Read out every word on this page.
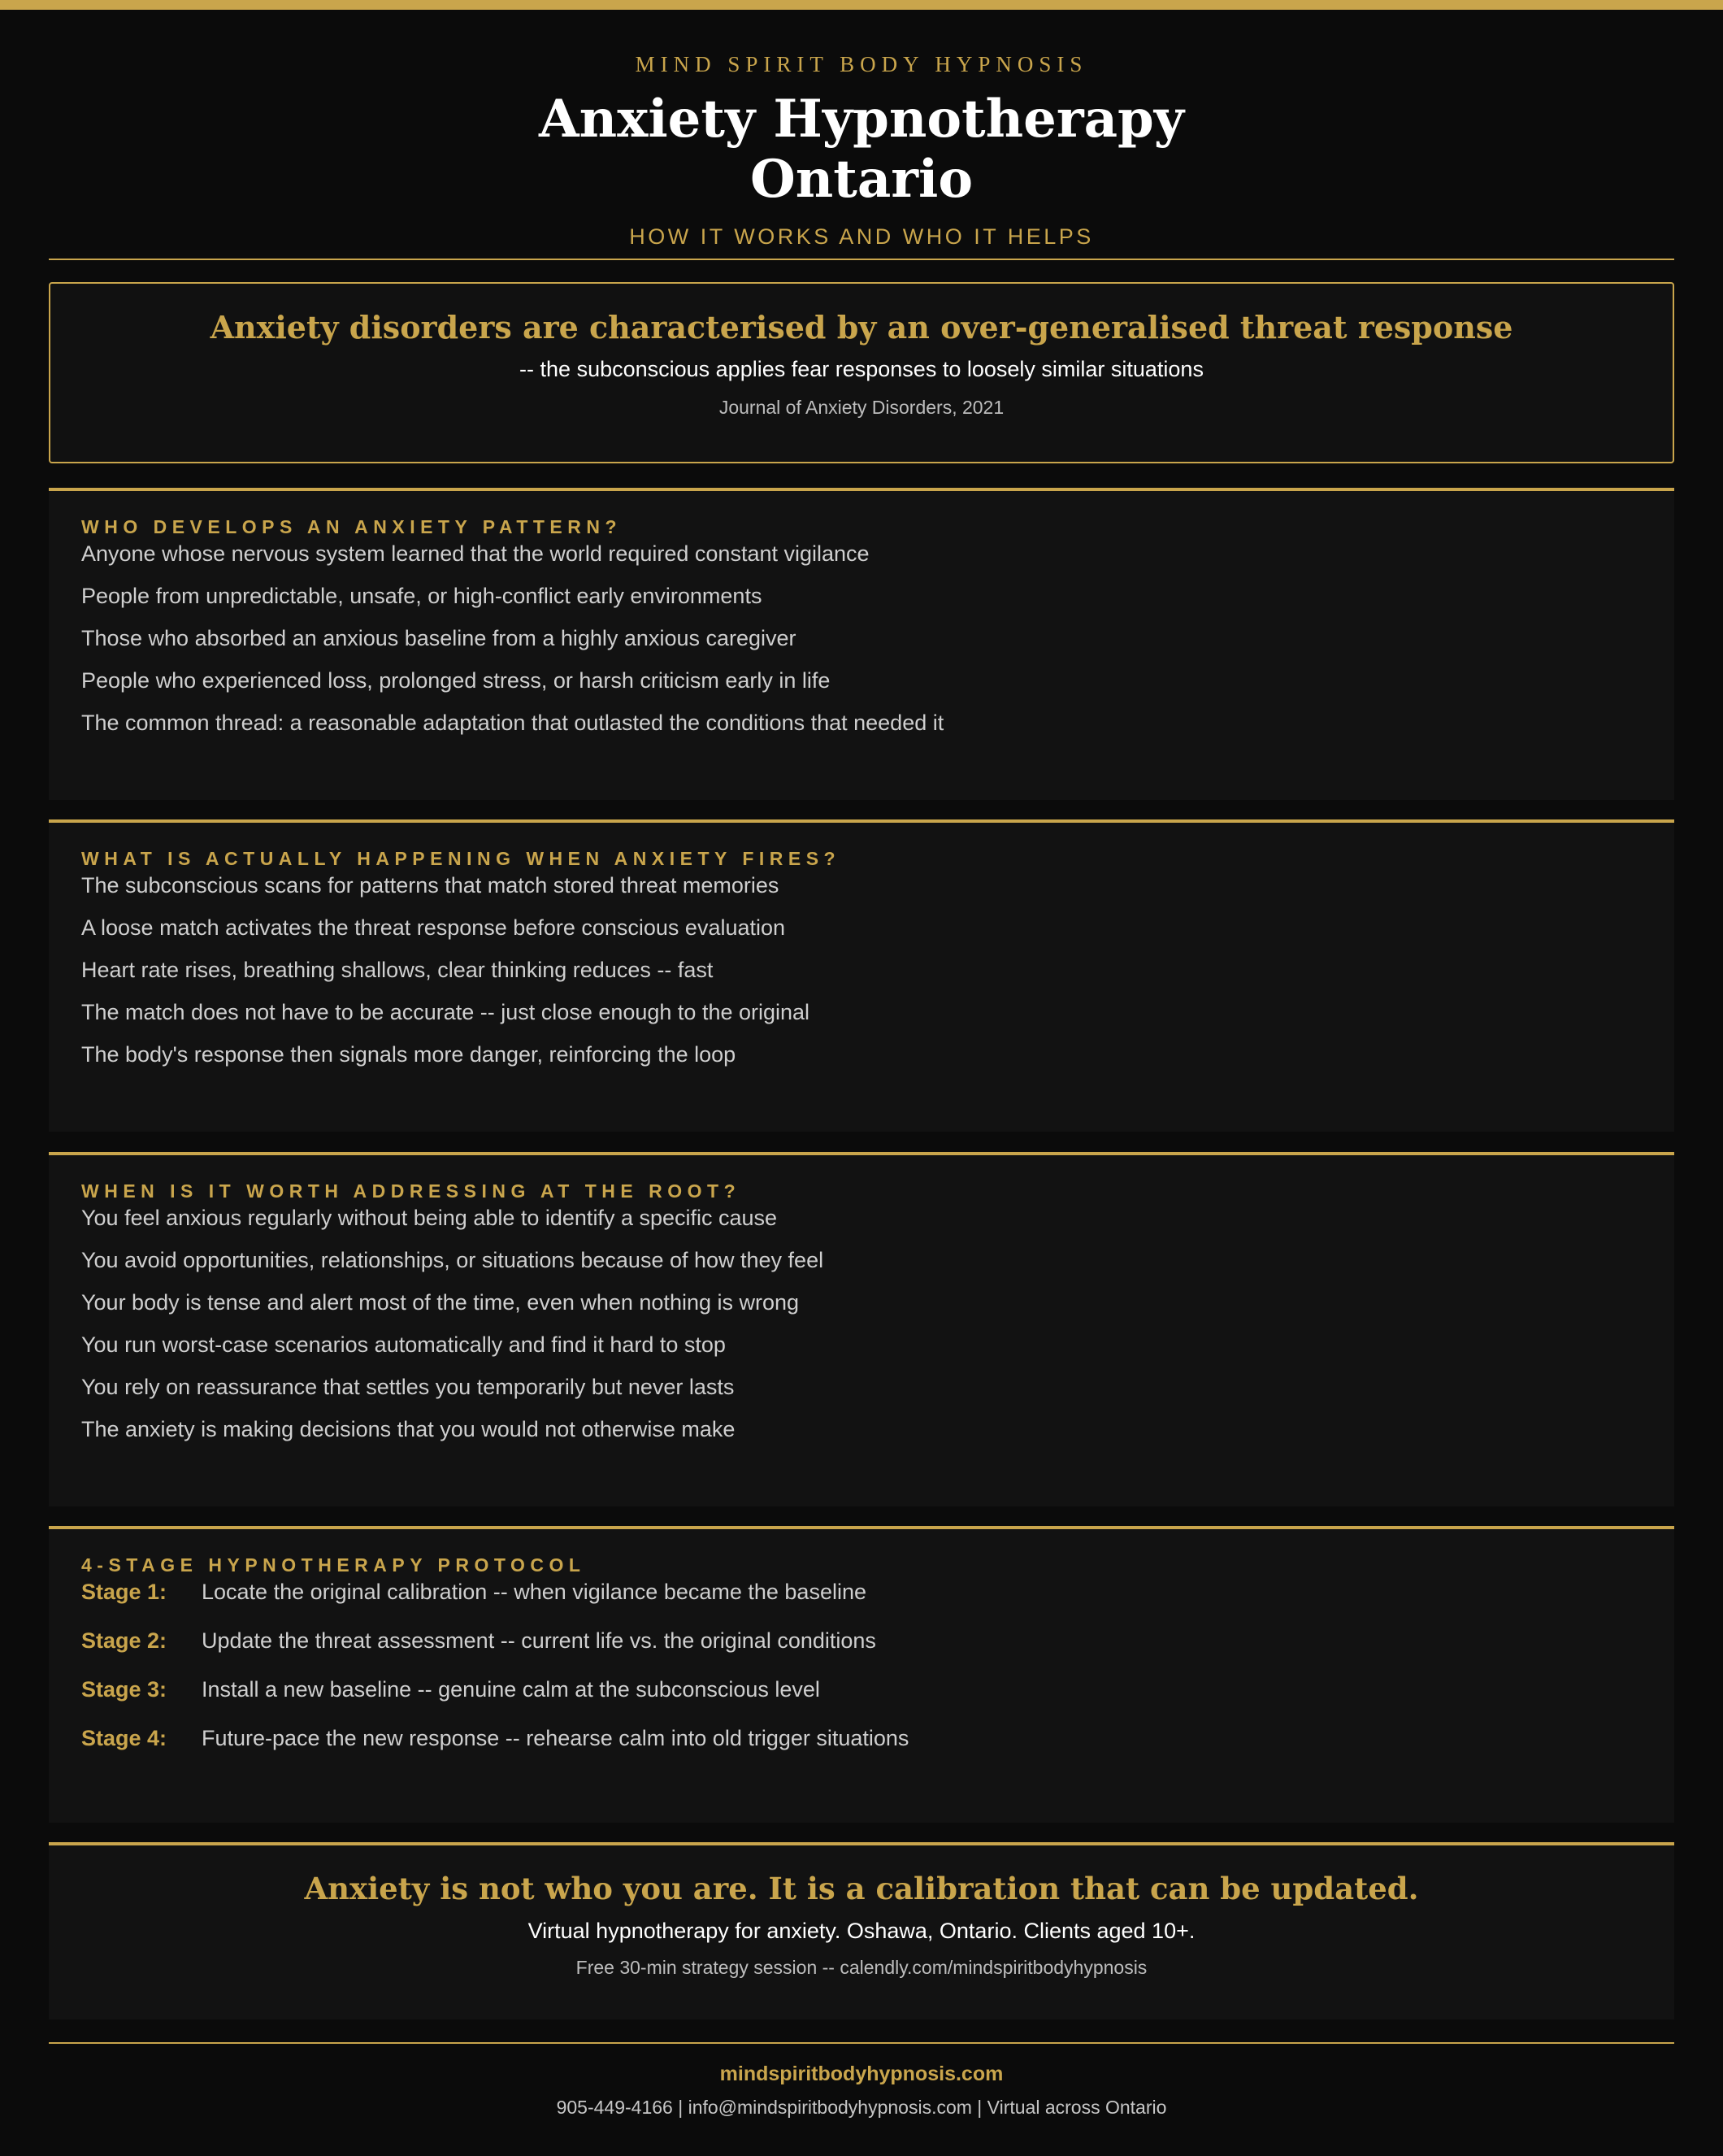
MIND SPIRIT BODY HYPNOSIS
Anxiety Hypnotherapy Ontario
HOW IT WORKS AND WHO IT HELPS
Anxiety disorders are characterised by an over-generalised threat response
-- the subconscious applies fear responses to loosely similar situations
Journal of Anxiety Disorders, 2021
WHO DEVELOPS AN ANXIETY PATTERN?
Anyone whose nervous system learned that the world required constant vigilance
People from unpredictable, unsafe, or high-conflict early environments
Those who absorbed an anxious baseline from a highly anxious caregiver
People who experienced loss, prolonged stress, or harsh criticism early in life
The common thread: a reasonable adaptation that outlasted the conditions that needed it
WHAT IS ACTUALLY HAPPENING WHEN ANXIETY FIRES?
The subconscious scans for patterns that match stored threat memories
A loose match activates the threat response before conscious evaluation
Heart rate rises, breathing shallows, clear thinking reduces -- fast
The match does not have to be accurate -- just close enough to the original
The body's response then signals more danger, reinforcing the loop
WHEN IS IT WORTH ADDRESSING AT THE ROOT?
You feel anxious regularly without being able to identify a specific cause
You avoid opportunities, relationships, or situations because of how they feel
Your body is tense and alert most of the time, even when nothing is wrong
You run worst-case scenarios automatically and find it hard to stop
You rely on reassurance that settles you temporarily but never lasts
The anxiety is making decisions that you would not otherwise make
4-STAGE HYPNOTHERAPY PROTOCOL
Stage 1:	Locate the original calibration -- when vigilance became the baseline
Stage 2:	Update the threat assessment -- current life vs. the original conditions
Stage 3:	Install a new baseline -- genuine calm at the subconscious level
Stage 4:	Future-pace the new response -- rehearse calm into old trigger situations
Anxiety is not who you are. It is a calibration that can be updated.
Virtual hypnotherapy for anxiety. Oshawa, Ontario. Clients aged 10+.
Free 30-min strategy session -- calendly.com/mindspiritbodyhypnosis
mindspiritbodyhypnosis.com
905-449-4166 | info@mindspiritbodyhypnosis.com | Virtual across Ontario
